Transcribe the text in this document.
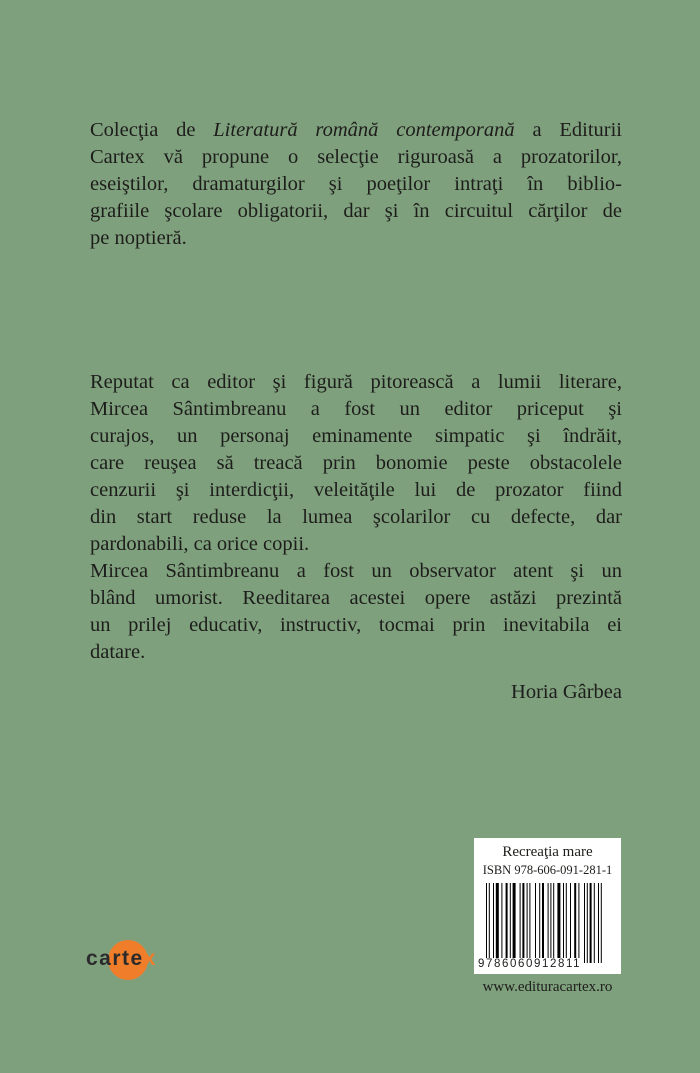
Colecţia de Literatură română contemporană a Editurii
Cartex vă propune o selecţie riguroasă a prozatorilor,
eseiştilor, dramaturgilor şi poeţilor intraţi în biblio-
grafiile şcolare obligatorii, dar şi în circuitul cărţilor de
pe noptieră.
Reputat ca editor şi figură pitorească a lumii literare,
Mircea Sântimbreanu a fost un editor priceput şi
curajos, un personaj eminamente simpatic şi îndrăit,
care reuşea să treacă prin bonomie peste obstacolele
cenzurii şi interdicţii, veleităţile lui de prozator fiind
din start reduse la lumea şcolarilor cu defecte, dar
pardonabili, ca orice copii.
Mircea Sântimbreanu a fost un observator atent şi un
blând umorist. Reeditarea acestei opere astăzi prezintă
un prilej educativ, instructiv, tocmai prin inevitabila ei
datare.
Horia Gârbea
cartex
Recreaţia mare
ISBN 978-606-091-281-1
9786060912811
www.edituracartex.ro
